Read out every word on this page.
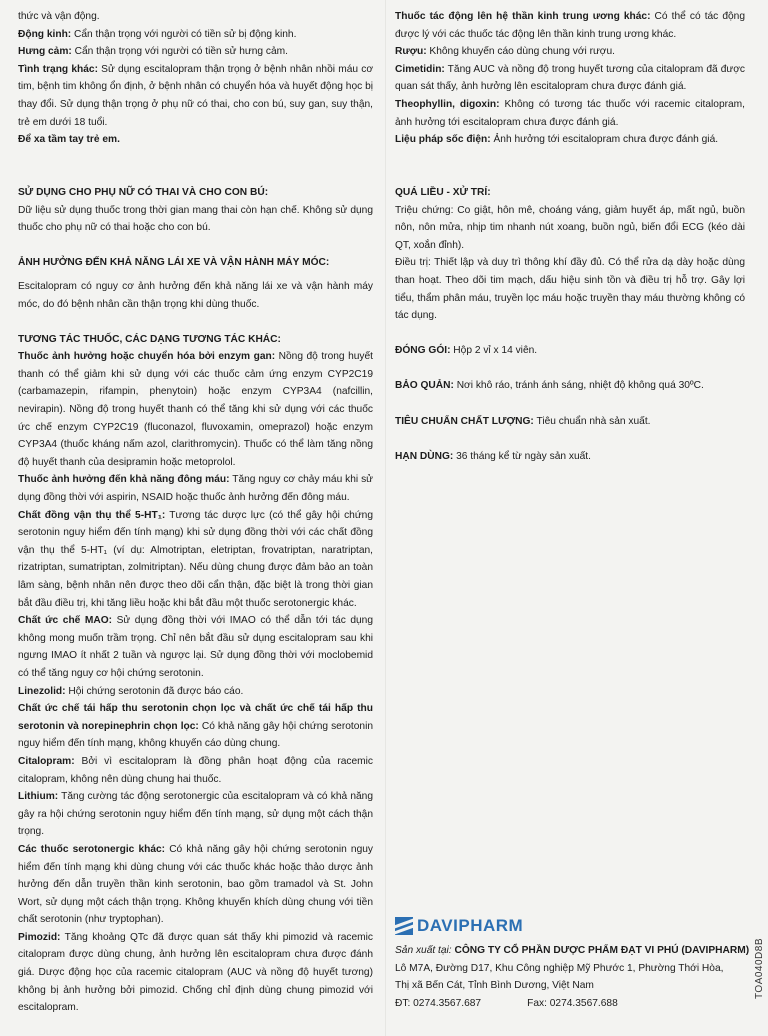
thức và vận động.

Động kinh: Cẩn thận trọng với người có tiền sử bị động kinh.

Hưng cảm: Cẩn thận trọng với người có tiền sử hưng cảm.

Tình trạng khác: Sử dụng escitalopram thận trọng ở bệnh nhân nhồi máu cơ tim, bệnh tim không ổn định, ở bệnh nhân có chuyển hóa và huyết động học bị thay đổi. Sử dụng thận trọng ở phụ nữ có thai, cho con bú, suy gan, suy thận, trẻ em dưới 18 tuổi.

Để xa tầm tay trẻ em.

SỬ DỤNG CHO PHỤ NỮ CÓ THAI VÀ CHO CON BÚ:

Dữ liệu sử dụng thuốc trong thời gian mang thai còn hạn chế. Không sử dụng thuốc cho phụ nữ có thai hoặc cho con bú.

ẢNH HƯỞNG ĐẾN KHẢ NĂNG LÁI XE VÀ VẬN HÀNH MÁY MÓC:

Escitalopram có nguy cơ ảnh hưởng đến khả năng lái xe và vận hành máy móc, do đó bệnh nhân cần thận trọng khi dùng thuốc.

TƯƠNG TÁC THUỐC, CÁC DẠNG TƯƠNG TÁC KHÁC:

Thuốc ảnh hưởng hoặc chuyển hóa bởi enzym gan: Nồng độ trong huyết thanh có thể giảm khi sử dụng với các thuốc cảm ứng enzym CYP2C19 (carbamazepin, rifampin, phenytoin) hoặc enzym CYP3A4 (nafcillin, nevirapin). Nồng độ trong huyết thanh có thể tăng khi sử dụng với các thuốc ức chế enzym CYP2C19 (fluconazol, fluvoxamin, omeprazol) hoặc enzym CYP3A4 (thuốc kháng nấm azol, clarithromycin). Thuốc có thể làm tăng nồng độ huyết thanh của desipramin hoặc metoprolol.

Thuốc ảnh hưởng đến khả năng đông máu: Tăng nguy cơ chảy máu khi sử dụng đồng thời với aspirin, NSAID hoặc thuốc ảnh hưởng đến đông máu.

Chất đồng vận thụ thể 5-HT₁: Tương tác dược lực (có thể gây hội chứng serotonin nguy hiểm đến tính mạng) khi sử dụng đồng thời với các chất đồng vận thụ thể 5-HT₁ (ví dụ: Almotriptan, eletriptan, frovatriptan, naratriptan, rizatriptan, sumatriptan, zolmitriptan). Nếu dùng chung được đảm bảo an toàn lâm sàng, bệnh nhân nên được theo dõi cẩn thận, đặc biệt là trong thời gian bắt đầu điều trị, khi tăng liều hoặc khi bắt đầu một thuốc serotonergic khác.

Chất ức chế MAO: Sử dụng đồng thời với IMAO có thể dẫn tới tác dụng không mong muốn trầm trọng. Chỉ nên bắt đầu sử dụng escitalopram sau khi ngưng IMAO ít nhất 2 tuần và ngược lại. Sử dụng đồng thời với moclobemid có thể tăng nguy cơ hội chứng serotonin.

Linezolid: Hội chứng serotonin đã được báo cáo.

Chất ức chế tái hấp thu serotonin chọn lọc và chất ức chế tái hấp thu serotonin và norepinephrin chọn lọc: Có khả năng gây hội chứng serotonin nguy hiểm đến tính mạng, không khuyến cáo dùng chung.

Citalopram: Bởi vì escitalopram là đồng phân hoạt động của racemic citalopram, không nên dùng chung hai thuốc.

Lithium: Tăng cường tác động serotonergic của escitalopram và có khả năng gây ra hội chứng serotonin nguy hiểm đến tính mạng, sử dụng một cách thận trọng.

Các thuốc serotonergic khác: Có khả năng gây hội chứng serotonin nguy hiểm đến tính mạng khi dùng chung với các thuốc khác hoặc thảo dược ảnh hưởng đến dẫn truyền thần kinh serotonin, bao gồm tramadol và St. John Wort, sử dụng một cách thận trọng. Không khuyến khích dùng chung với tiền chất serotonin (như tryptophan).

Pimozid: Tăng khoảng QTc đã được quan sát thấy khi pimozid và racemic citalopram được dùng chung, ảnh hưởng lên escitalopram chưa được đánh giá. Dược động học của racemic citalopram (AUC và nồng độ huyết tương) không bị ảnh hưởng bởi pimozid. Chống chỉ định dùng chung pimozid với escitalopram.

Thuốc tác động lên hệ thần kinh trung ương khác: Có thể có tác động được lý với các thuốc tác động lên thần kinh trung ương khác.

Rượu: Không khuyến cáo dùng chung với rượu.

Cimetidin: Tăng AUC và nồng độ trong huyết tương của citalopram đã được quan sát thấy, ảnh hưởng lên escitalopram chưa được đánh giá.

Theophyllin, digoxin: Không có tương tác thuốc với racemic citalopram, ảnh hưởng tới escitalopram chưa được đánh giá.

Liệu pháp sốc điện: Ảnh hưởng tới escitalopram chưa được đánh giá.

QUÁ LIỀU - XỬ TRÍ:

Triệu chứng: Co giật, hôn mê, choáng váng, giảm huyết áp, mất ngủ, buồn nôn, nôn mửa, nhịp tim nhanh nút xoang, buồn ngủ, biến đổi ECG (kéo dài QT, xoắn đỉnh).

Điều trị: Thiết lập và duy trì thông khí đầy đủ. Có thể rửa dạ dày hoặc dùng than hoạt. Theo dõi tim mạch, dấu hiệu sinh tồn và điều trị hỗ trợ. Gây lợi tiểu, thẩm phân máu, truyền lọc máu hoặc truyền thay máu thường không có tác dụng.

ĐÓNG GÓI: Hộp 2 vỉ x 14 viên.

BẢO QUẢN: Nơi khô ráo, tránh ánh sáng, nhiệt độ không quá 30ºC.

TIÊU CHUẨN CHẤT LƯỢNG: Tiêu chuẩn nhà sản xuất.

HẠN DÙNG: 36 tháng kể từ ngày sản xuất.

DAVIPHARM

Sản xuất tại: CÔNG TY CỔ PHẦN DƯỢC PHẨM ĐẠT VI PHÚ (DAVIPHARM)

Lô M7A, Đường D17, Khu Công nghiệp Mỹ Phước 1, Phường Thới Hòa,

Thị xã Bến Cát, Tỉnh Bình Dương, Việt Nam

ĐT: 0274.3567.687	Fax: 0274.3567.688

TOA040D8B
